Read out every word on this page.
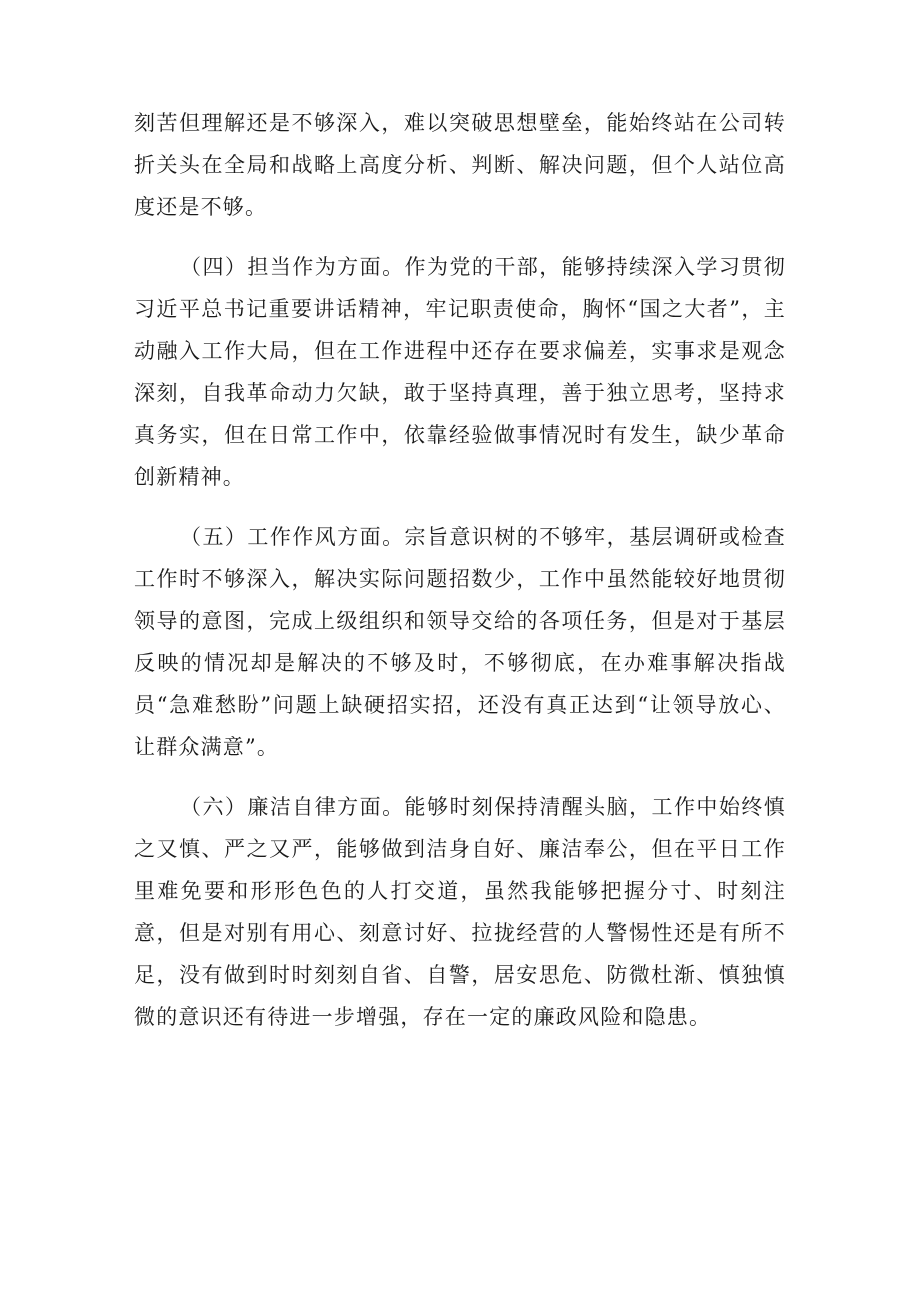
刻苦但理解还是不够深入，难以突破思想壁垒，能始终站在公司转折关头在全局和战略上高度分析、判断、解决问题，但个人站位高度还是不够。

（四）担当作为方面。作为党的干部，能够持续深入学习贯彻习近平总书记重要讲话精神，牢记职责使命，胸怀“国之大者”，主动融入工作大局，但在工作进程中还存在要求偏差，实事求是观念深刻，自我革命动力欠缺，敢于坚持真理，善于独立思考，坚持求真务实，但在日常工作中，依靠经验做事情况时有发生，缺少革命创新精神。

（五）工作作风方面。宗旨意识树的不够牢，基层调研或检查工作时不够深入，解决实际问题招数少，工作中虽然能较好地贯彻领导的意图，完成上级组织和领导交给的各项任务，但是对于基层反映的情况却是解决的不够及时，不够彻底，在办难事解决指战员“急难愁盼”问题上缺硬招实招，还没有真正达到“让领导放心、让群众满意”。

（六）廉洁自律方面。能够时刻保持清醒头脑，工作中始终慎之又慎、严之又严，能够做到洁身自好、廉洁奉公，但在平日工作里难免要和形形色色的人打交道，虽然我能够把握分寸、时刻注意，但是对别有用心、刻意讨好、拉拢经营的人警惕性还是有所不足，没有做到时时刻刻自省、自警，居安思危、防微杜渐、慎独慎微的意识还有待进一步增强，存在一定的廉政风险和隐患。
